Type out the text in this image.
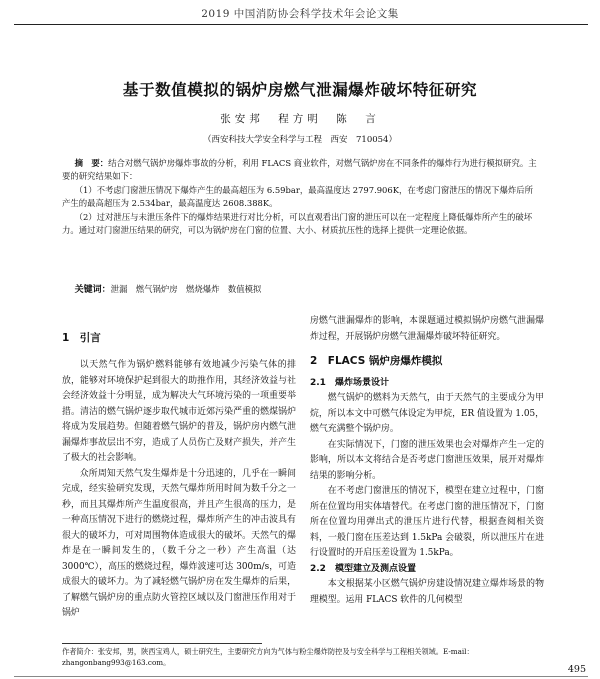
2019 中国消防协会科学技术年会论文集
基于数值模拟的锅炉房燃气泄漏爆炸破坏特征研究
张安邦　程方明　陈　言
（西安科技大学安全科学与工程　西安　710054）

摘　要：结合对燃气锅炉房爆炸事故的分析，利用 FLACS 商业软件，对燃气锅炉房在不同条件的爆炸行为进行模拟研究。主要的研究结果如下：

（1）不考虑门窗泄压情况下爆炸产生的最高超压为 6.59bar，最高温度达 2797.906K，在考虑门窗泄压的情况下爆炸后所产生的最高超压为 2.534bar，最高温度达 2608.388K。

（2）过对泄压与未泄压条件下的爆炸结果进行对比分析，可以直观看出门窗的泄压可以在一定程度上降低爆炸所产生的破坏力。通过对门窗泄压结果的研究，可以为锅炉房在门窗的位置、大小、材质抗压性的选择上提供一定理论依据。

关键词：泄漏　燃气锅炉房　燃烧爆炸　数值模拟
1　引言

以天然气作为锅炉燃料能够有效地减少污染气体的排放，能够对环境保护起到很大的助推作用，其经济效益与社会经济效益十分明显，成为解决大气环境污染的一项重要举措。清洁的燃气锅炉逐步取代城市近郊污染严重的燃煤锅炉将成为发展趋势。但随着燃气锅炉的普及，锅炉房内燃气泄漏爆炸事故层出不穷，造成了人员伤亡及财产损失，并产生了极大的社会影响。

众所周知天然气发生爆炸是十分迅速的，几乎在一瞬间完成，经实验研究发现，天然气爆炸所用时间为数千分之一秒，而且其爆炸所产生温度很高，并且产生很高的压力，是一种高压情况下进行的燃烧过程，爆炸所产生的冲击波具有很大的破坏力，可对周围物体造成很大的破坏。天然气的爆炸是在一瞬间发生的，（数千分之一秒）产生高温（达 3000℃），高压的燃烧过程，爆炸波速可达 300m/s，可造成很大的破坏力。为了减轻燃气锅炉房在发生爆炸的后果，了解燃气锅炉房的重点防火管控区域以及门窗泄压作用对于锅炉

房燃气泄漏爆炸的影响，本课题通过模拟锅炉房燃气泄漏爆炸过程，开展锅炉房燃气泄漏爆炸破坏特征研究。

2　FLACS 锅炉房爆炸模拟
2.1　爆炸场景设计

燃气锅炉的燃料为天然气，由于天然气的主要成分为甲烷，所以本文中可燃气体设定为甲烷，ER 值设置为 1.05，燃气充满整个锅炉房。

在实际情况下，门窗的泄压效果也会对爆炸产生一定的影响，所以本文将结合是否考虑门窗泄压效果，展开对爆炸结果的影响分析。

在不考虑门窗泄压的情况下，模型在建立过程中，门窗所在位置均用实体墙替代。在考虑门窗的泄压情况下，门窗所在位置均用弹出式的泄压片进行代替，根据查阅相关资料，一般门窗在压差达到 1.5kPa 会破裂，所以泄压片在进行设置时的开启压差设置为 1.5kPa。

2.2　模型建立及测点设置

本文根据某小区燃气锅炉房建设情况建立爆炸场景的物理模型。运用 FLACS 软件的几何模型

作者简介：张安邦，男，陕西宝鸡人，硕士研究生，主要研究方向为气体与粉尘爆炸防控及与安全科学与工程相关领域。E-mail：zhangonbang993@163.com。
495
